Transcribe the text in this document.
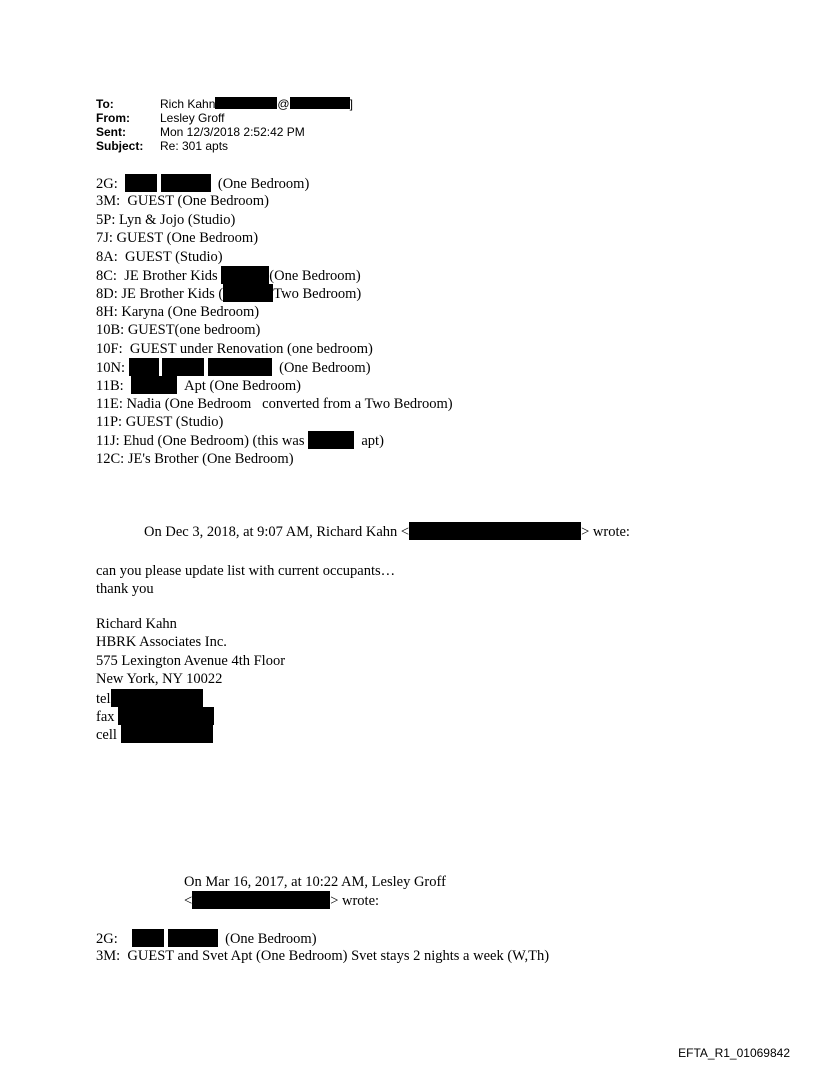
To:	Rich Kahn	@	]
From:	Lesley Groff
Sent:	Mon 12/3/2018 2:52:42 PM
Subject:	Re: 301 apts
2G:	(One Bedroom)
3M: GUEST (One Bedroom)
5P: Lyn & Jojo (Studio)
7J: GUEST (One Bedroom)
8A: GUEST (Studio)
8C: JE Brother Kids	(One Bedroom)
8D: JE Brother Kids (	Two Bedroom)
8H: Karyna (One Bedroom)
10B: GUEST(one bedroom)
10F: GUEST under Renovation (one bedroom)
10N:	(One Bedroom)
11B:	Apt (One Bedroom)
11E: Nadia (One Bedroom   converted from a Two Bedroom)
11P: GUEST (Studio)
11J: Ehud (One Bedroom) (this was	apt)
12C: JE's Brother (One Bedroom)
On Dec 3, 2018, at 9:07 AM, Richard Kahn <	> wrote:
can you please update list with current occupants…
thank you
Richard Kahn
HBRK Associates Inc.
575 Lexington Avenue 4th Floor
New York, NY 10022
tel
fax
cell
On Mar 16, 2017, at 10:22 AM, Lesley Groff
<	> wrote:
2G:	(One Bedroom)
3M:  GUEST and Svet Apt (One Bedroom) Svet stays 2 nights a week (W,Th)
EFTA_R1_01069842
